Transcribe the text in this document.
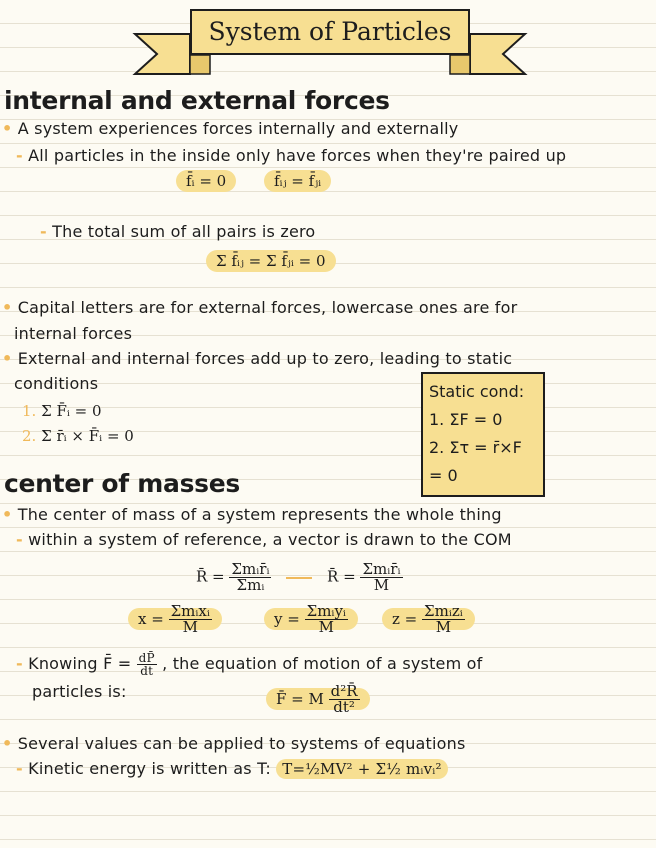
System of Particles
internal and external forces
• A system experiences forces internally and externally
- All particles in the inside only have forces when they're paired up
f̄ᵢ = 0	f̄ᵢⱼ = f̄ⱼᵢ
- The total sum of all pairs is zero
Σ f̄ᵢⱼ = Σ f̄ⱼᵢ = 0
• Capital letters are for external forces, lowercase ones are for
internal forces
• External and internal forces add up to zero, leading to static
conditions
1. Σ F̄ᵢ = 0
2. Σ r̄ᵢ × F̄ᵢ = 0
Static cond:
1. ΣF = 0
2. Στ = r̄×F = 0
center of masses
• The center of mass of a system represents the whole thing
- within a system of reference, a vector is drawn to the COM
R̄ = $\frac{\text{Σmᵢr̄ᵢ}}{\text{Σmᵢ}}$	R̄ = $\frac{\text{Σmᵢr̄ᵢ}}{M}$
$x = \frac{\text{Σmᵢxᵢ}}{M}$	$y = \frac{\text{Σmᵢyᵢ}}{M}$	$z = \frac{\text{Σmᵢzᵢ}}{M}$
- Knowing F̄ = $\frac{dP̄}{dt}$ , the equation of motion of a system of
particles is:	F̄ = M $\frac{\text{d²R̄}}{\text{dt²}}$
• Several values can be applied to systems of equations
- Kinetic energy is written as T: T=½MV² + Σ½ mᵢvᵢ²
